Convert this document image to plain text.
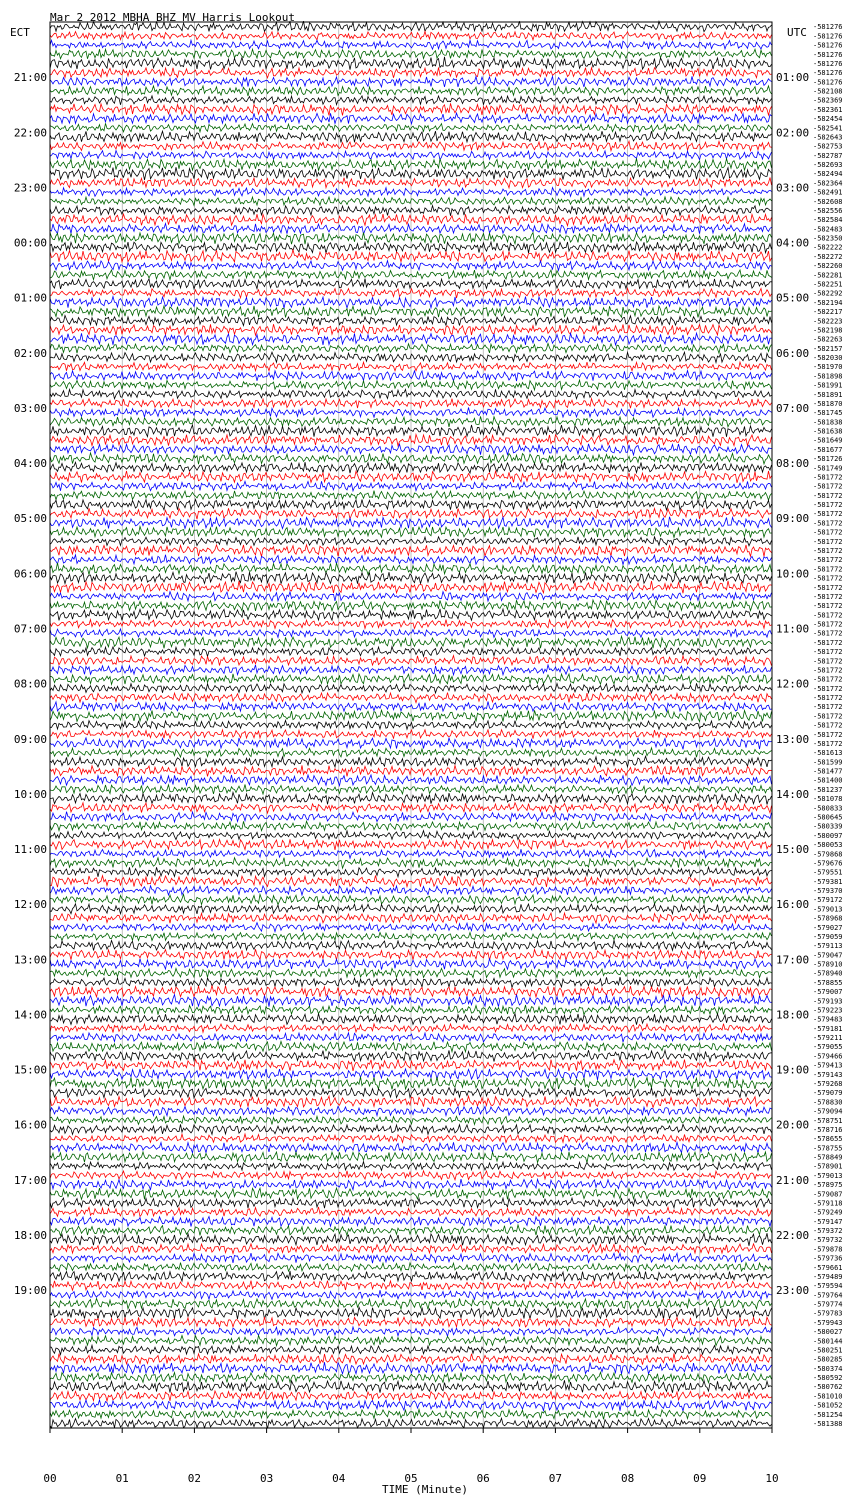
Mar 2 2012 MBHA BHZ MV Harris Lookout
ECT	UTC
21:00
22:00
23:00
00:00
01:00
02:00
03:00
04:00
05:00
06:00
07:00
08:00
09:00
10:00
11:00
12:00
13:00
14:00
15:00
16:00
17:00
18:00
19:00
01:00
02:00
03:00
04:00
05:00
06:00
07:00
08:00
09:00
10:00
11:00
12:00
13:00
14:00
15:00
16:00
17:00
18:00
19:00
20:00
21:00
22:00
23:00
-581276
-581276
-581276
-581276
-581276
-581276
-581276
-582108
-582369
-582361
-582454
-582541
-582643
-582753
-582787
-582693
-582494
-582364
-582491
-582608
-582556
-582584
-582483
-582350
-582222
-582272
-582260
-582281
-582251
-582292
-582194
-582217
-582223
-582198
-582263
-582157
-582030
-581970
-581898
-581991
-581891
-581870
-581745
-581838
-581638
-581649
-581677
-581726
-581749
-581772
-581772
-581772
-581772
-581772
-581772
-581772
-581772
-581772
-581772
-581772
-581772
-581772
-581772
-581772
-581772
-581772
-581772
-581772
-581772
-581772
-581772
-581772
-581772
-581772
-581772
-581772
-581772
-581772
-581772
-581613
-581599
-581477
-581400
-581237
-581078
-580833
-580645
-580339
-580097
-580053
-579868
-579676
-579551
-579381
-579370
-579172
-579013
-578968
-579027
-579059
-579113
-579047
-578910
-578940
-578855
-579007
-579193
-579223
-579483
-579181
-579211
-579055
-579466
-579413
-579143
-579268
-579079
-578830
-579094
-578751
-578716
-578655
-578755
-578849
-578901
-579013
-578975
-579087
-579118
-579249
-579147
-579372
-579732
-579878
-579736
-579661
-579489
-579594
-579764
-579774
-579783
-579943
-580027
-580144
-580251
-580285
-580374
-580592
-580762
-581010
-581052
-581254
-581388
00	01	02	03	04	05	06	07	08	09	10
TIME (Minute)
